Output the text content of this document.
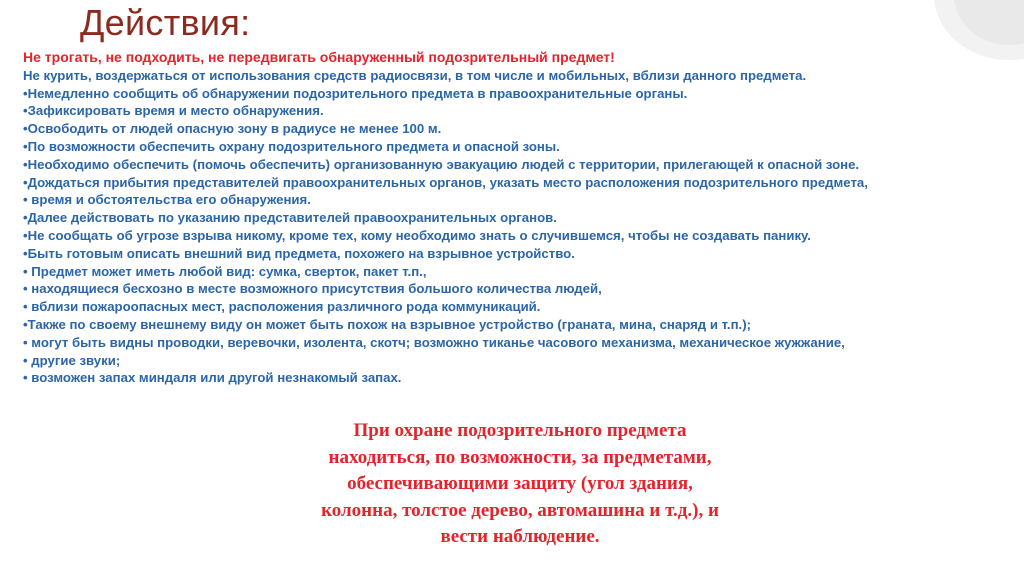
Действия:
Не трогать, не подходить, не передвигать обнаруженный подозрительный предмет!
Не курить, воздержаться от использования средств радиосвязи, в том числе и мобильных, вблизи данного предмета.
•Немедленно сообщить об обнаружении подозрительного предмета в правоохранительные органы.
•Зафиксировать время и место обнаружения.
•Освободить от людей опасную зону в радиусе не менее 100 м.
•По возможности обеспечить охрану подозрительного предмета и опасной зоны.
•Необходимо обеспечить (помочь обеспечить) организованную эвакуацию людей с территории, прилегающей к опасной зоне.
•Дождаться прибытия представителей правоохранительных органов, указать место расположения подозрительного предмета,
• время и обстоятельства его обнаружения.
•Далее действовать по указанию представителей правоохранительных органов.
•Не сообщать об угрозе взрыва никому, кроме тех, кому необходимо знать о случившемся, чтобы не создавать панику.
•Быть готовым описать внешний вид предмета, похожего на взрывное устройство.
• Предмет может иметь любой вид: сумка, сверток, пакет т.п.,
• находящиеся бесхозно в месте возможного присутствия большого количества людей,
• вблизи пожароопасных мест, расположения различного рода коммуникаций.
•Также по своему внешнему виду он может быть похож на взрывное устройство (граната, мина, снаряд и т.п.);
• могут быть видны проводки, веревочки, изолента, скотч; возможно тиканье часового механизма, механическое жужжание,
• другие звуки;
• возможен запах миндаля или другой незнакомый запах.
При охране подозрительного предмета
находиться, по возможности, за предметами,
обеспечивающими защиту (угол здания,
колонна, толстое дерево, автомашина и т.д.), и
вести наблюдение.
